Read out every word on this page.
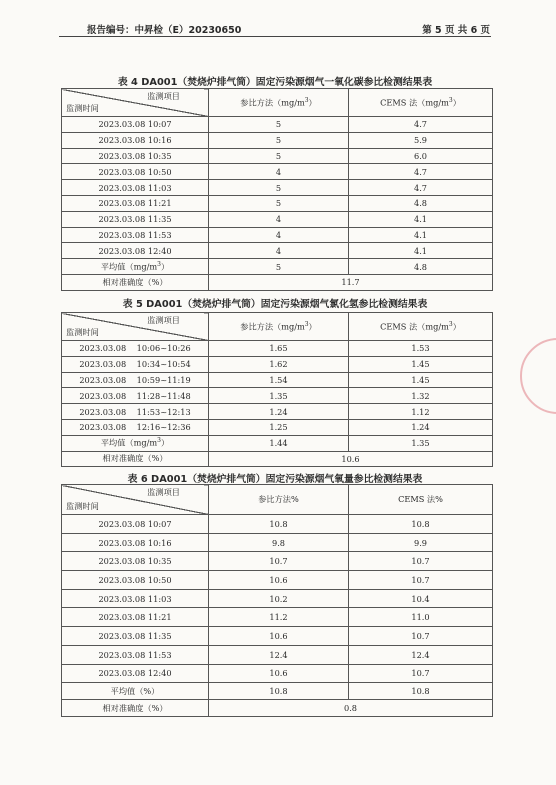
报告编号：中昇检（E）20230650	第 5 页 共 6 页
表 4 DA001（焚烧炉排气筒）固定污染源烟气一氧化碳参比检测结果表
监测项目
监测时间	参比方法$(mg/m^3)$	CEMS 法$(mg/m^3)$
2023.03.08 10:07	5	4.7
2023.03.08 10:16	5	5.9
2023.03.08 10:35	5	6.0
2023.03.08 10:50	4	4.7
2023.03.08 11:03	5	4.7
2023.03.08 11:21	5	4.8
2023.03.08 11:35	4	4.1
2023.03.08 11:53	4	4.1
2023.03.08 12:40	4	4.1
平均值$(mg/m^3)$	5	4.8
相对准确度（%）	11.7	
表 5 DA001（焚烧炉排气筒）固定污染源烟气氯化氢参比检测结果表
监测项目
监测时间	参比方法$(mg/m^3)$	CEMS 法$(mg/m^3)$
2023.03.08    10:06~10:26	1.65	1.53
2023.03.08    10:34~10:54	1.62	1.45
2023.03.08    10:59~11:19	1.54	1.45
2023.03.08    11:28~11:48	1.35	1.32
2023.03.08    11:53~12:13	1.24	1.12
2023.03.08    12:16~12:36	1.25	1.24
平均值$(mg/m^3)$	1.44	1.35
相对准确度（%）	10.6	
表 6 DA001（焚烧炉排气筒）固定污染源烟气氧量参比检测结果表
监测项目
监测时间	参比方法%	CEMS 法%
2023.03.08 10:07	10.8	10.8
2023.03.08 10:16	9.8	9.9
2023.03.08 10:35	10.7	10.7
2023.03.08 10:50	10.6	10.7
2023.03.08 11:03	10.2	10.4
2023.03.08 11:21	11.2	11.0
2023.03.08 11:35	10.6	10.7
2023.03.08 11:53	12.4	12.4
2023.03.08 12:40	10.6	10.7
平均值（%）	10.8	10.8
相对准确度（%）	0.8	
